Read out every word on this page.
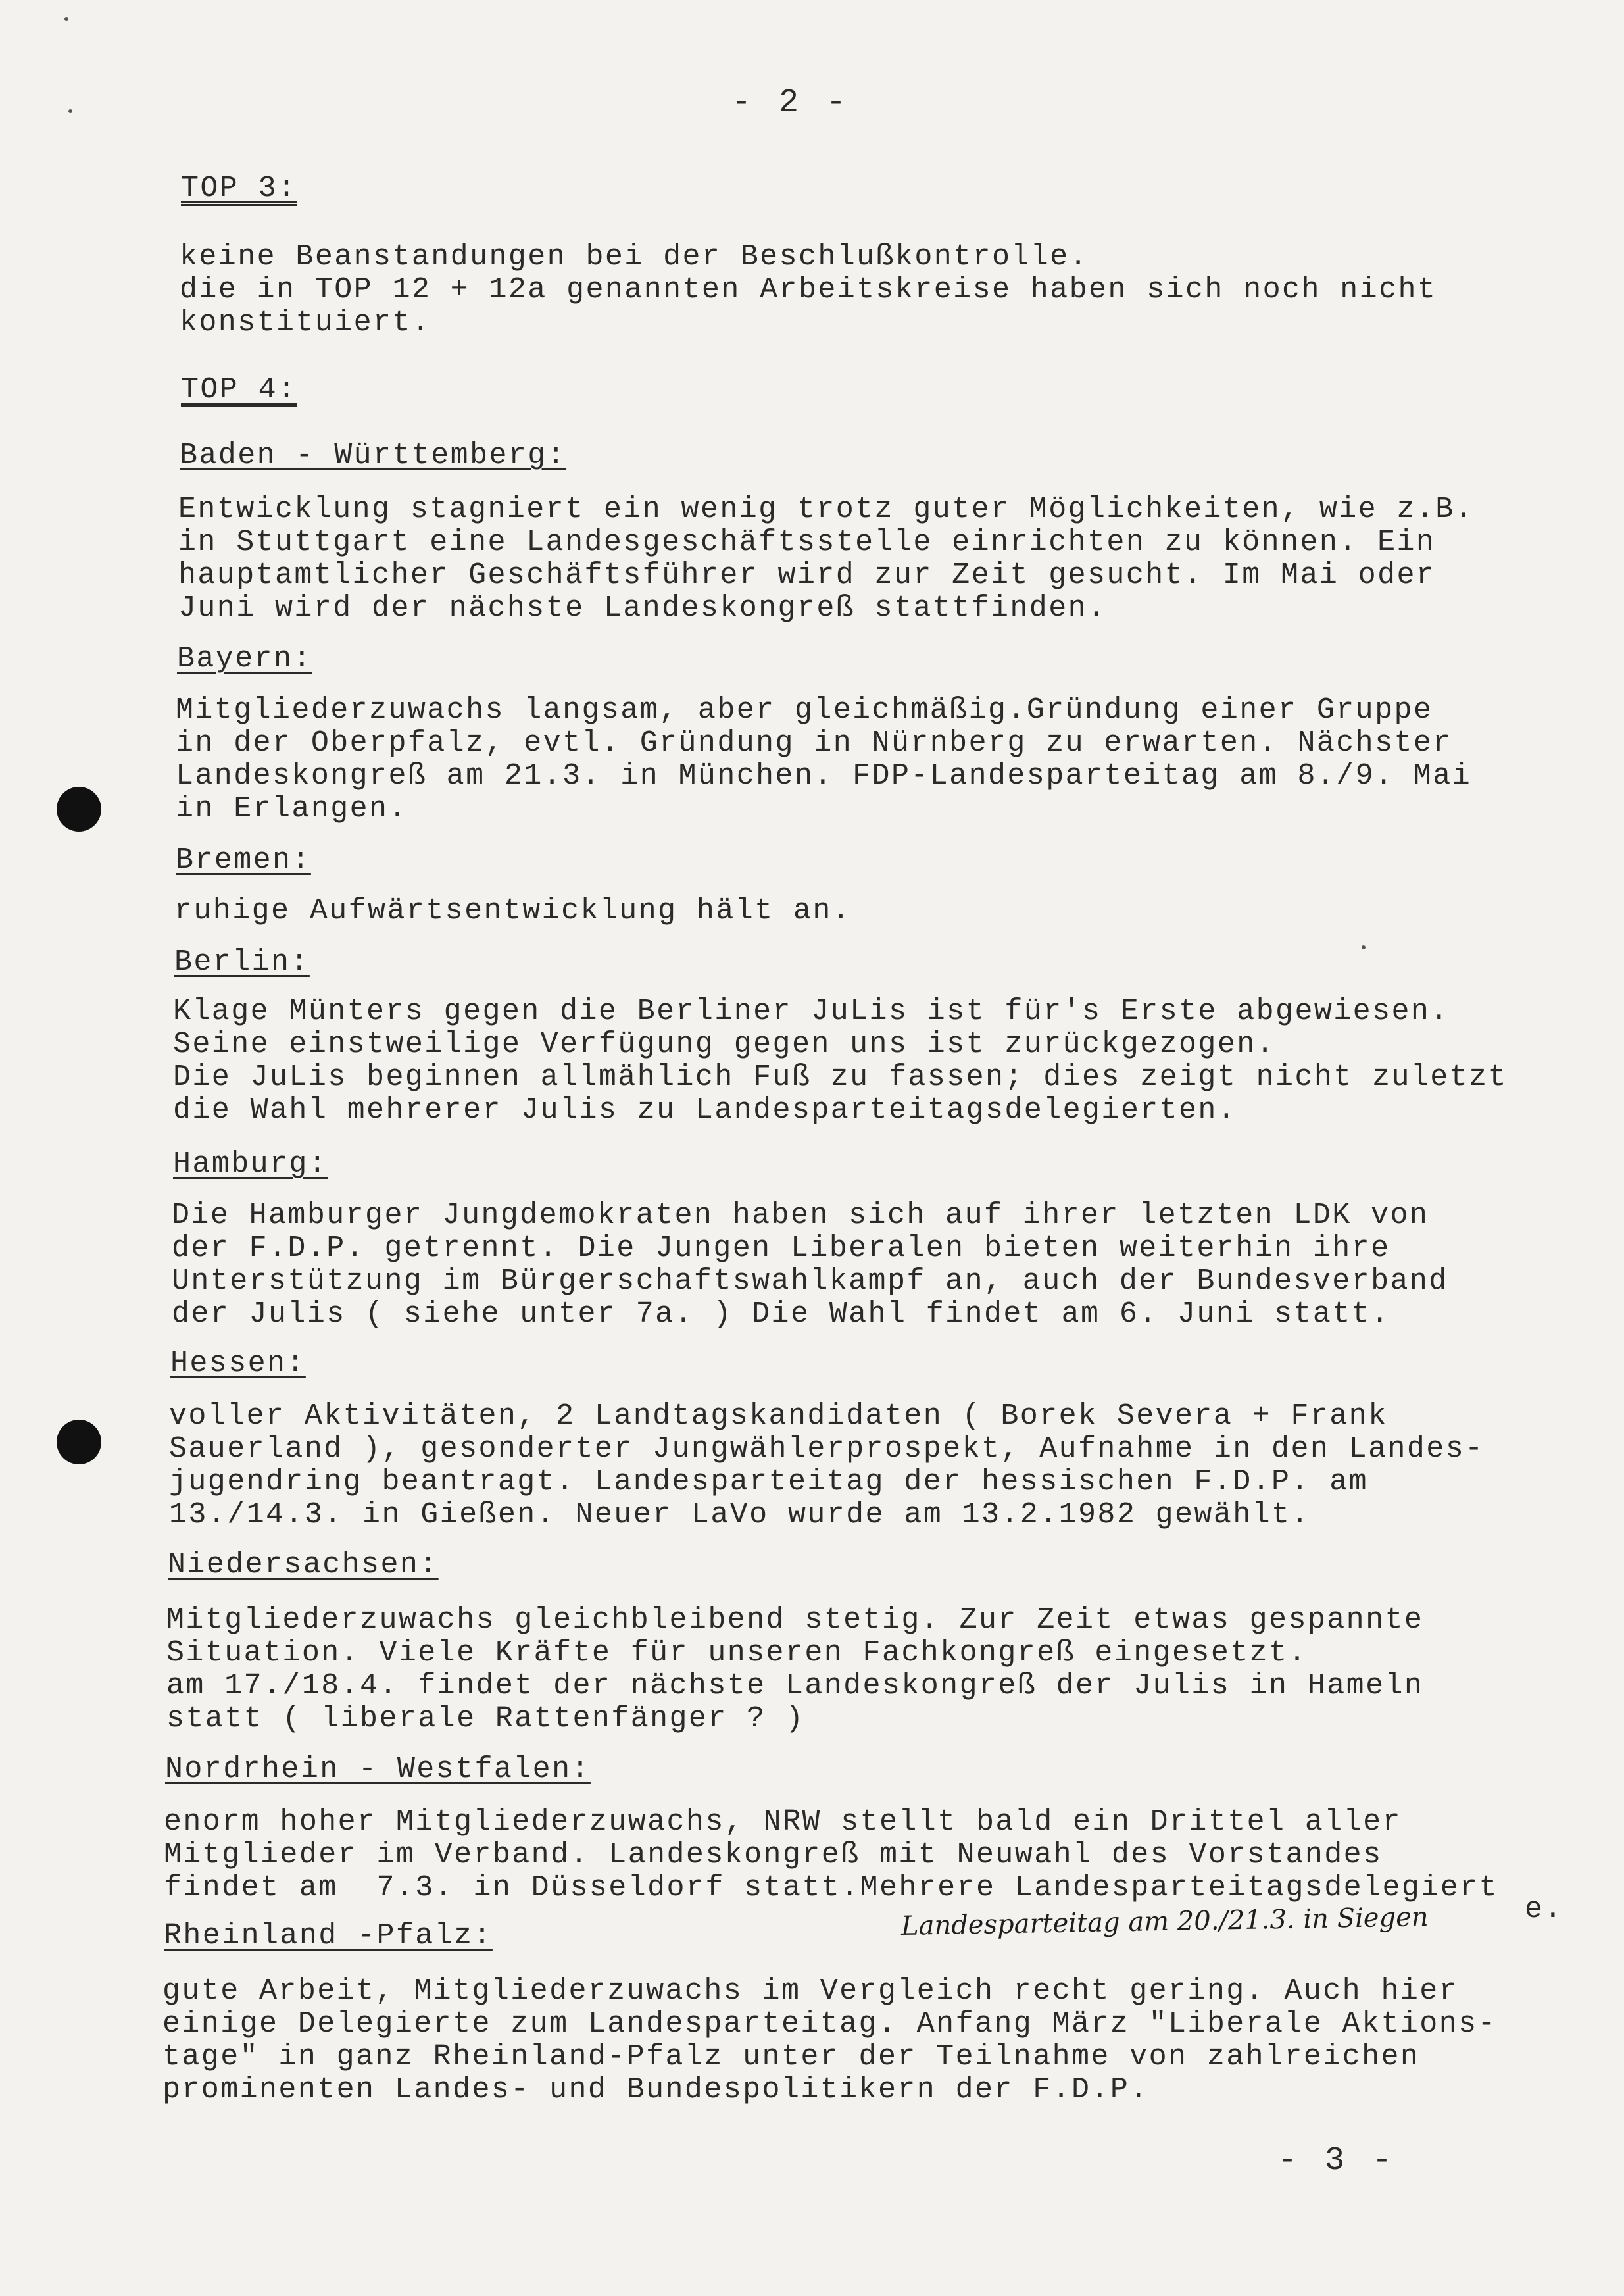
- 2 -
TOP 3:
keine Beanstandungen bei der Beschlußkontrolle.
die in TOP 12 + 12a genannten Arbeitskreise haben sich noch nicht
konstituiert.
TOP 4:
Baden - Württemberg:
Entwicklung stagniert ein wenig trotz guter Möglichkeiten, wie z.B.
in Stuttgart eine Landesgeschäftsstelle einrichten zu können. Ein
hauptamtlicher Geschäftsführer wird zur Zeit gesucht. Im Mai oder
Juni wird der nächste Landeskongreß stattfinden.
Bayern:
Mitgliederzuwachs langsam, aber gleichmäßig.Gründung einer Gruppe
in der Oberpfalz, evtl. Gründung in Nürnberg zu erwarten. Nächster
Landeskongreß am 21.3. in München. FDP-Landesparteitag am 8./9. Mai
in Erlangen.
Bremen:
ruhige Aufwärtsentwicklung hält an.
Berlin:
Klage Münters gegen die Berliner JuLis ist für's Erste abgewiesen.
Seine einstweilige Verfügung gegen uns ist zurückgezogen.
Die JuLis beginnen allmählich Fuß zu fassen; dies zeigt nicht zuletzt
die Wahl mehrerer Julis zu Landesparteitagsdelegierten.
Hamburg:
Die Hamburger Jungdemokraten haben sich auf ihrer letzten LDK von
der F.D.P. getrennt. Die Jungen Liberalen bieten weiterhin ihre
Unterstützung im Bürgerschaftswahlkampf an, auch der Bundesverband
der Julis ( siehe unter 7a. ) Die Wahl findet am 6. Juni statt.
Hessen:
voller Aktivitäten, 2 Landtagskandidaten ( Borek Severa + Frank
Sauerland ), gesonderter Jungwählerprospekt, Aufnahme in den Landes-
jugendring beantragt. Landesparteitag der hessischen F.D.P. am
13./14.3. in Gießen. Neuer LaVo wurde am 13.2.1982 gewählt.
Niedersachsen:
Mitgliederzuwachs gleichbleibend stetig. Zur Zeit etwas gespannte
Situation. Viele Kräfte für unseren Fachkongreß eingesetzt.
am 17./18.4. findet der nächste Landeskongreß der Julis in Hameln
statt ( liberale Rattenfänger ? )
Nordrhein - Westfalen:
enorm hoher Mitgliederzuwachs, NRW stellt bald ein Drittel aller
Mitglieder im Verband. Landeskongreß mit Neuwahl des Vorstandes
findet am  7.3. in Düsseldorf statt.Mehrere Landesparteitagsdelegiert
e.
Landesparteitag am 20./21.3. in Siegen
Rheinland -Pfalz:
gute Arbeit, Mitgliederzuwachs im Vergleich recht gering. Auch hier
einige Delegierte zum Landesparteitag. Anfang März "Liberale Aktions-
tage" in ganz Rheinland-Pfalz unter der Teilnahme von zahlreichen
prominenten Landes- und Bundespolitikern der F.D.P.
- 3 -
